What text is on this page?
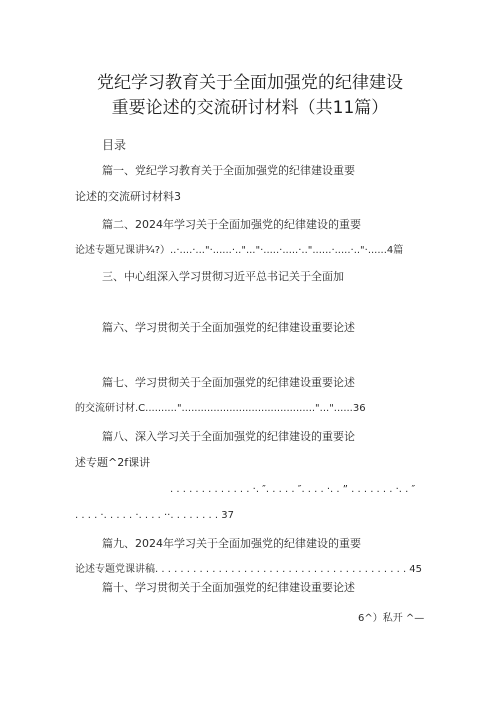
党纪学习教育关于全面加强党的纪律建设
重要论述的交流研讨材料（共11篇）
目录
篇一、党纪学习教育关于全面加强党的纪律建设重要
论述的交流研讨材料3
篇二、2024年学习关于全面加强党的纪律建设的重要
论述专题兄课讲¾?）..·....·..."·......·.."..."·.....·.....·.."......·.....·.."·......4篇
三、中心组深入学习贯彻习近平总书记关于全面加
篇六、学习贯彻关于全面加强党的纪律建设重要论述
篇七、学习贯彻关于全面加强党的纪律建设重要论述
的交流研讨材.C..........".........................................."..."......36
篇八、深入学习关于全面加强党的纪律建设的重要论
述专题^2f课讲
. . . . . . . . . . . . . ·. ″. . . . . ″. . . . ·. . ” . . . . . . . ·. . ″
. . . . ·. . . . . ·. . . . ··. . . . . . . . 37
篇九、2024年学习关于全面加强党的纪律建设的重要
论述专题党课讲稿. . . . . . . . . . . . . . . . . . . . . . . . . . . . . . . . . . . . . . . . 45
篇十、学习贯彻关于全面加强党的纪律建设重要论述
6^）私开 ^—
